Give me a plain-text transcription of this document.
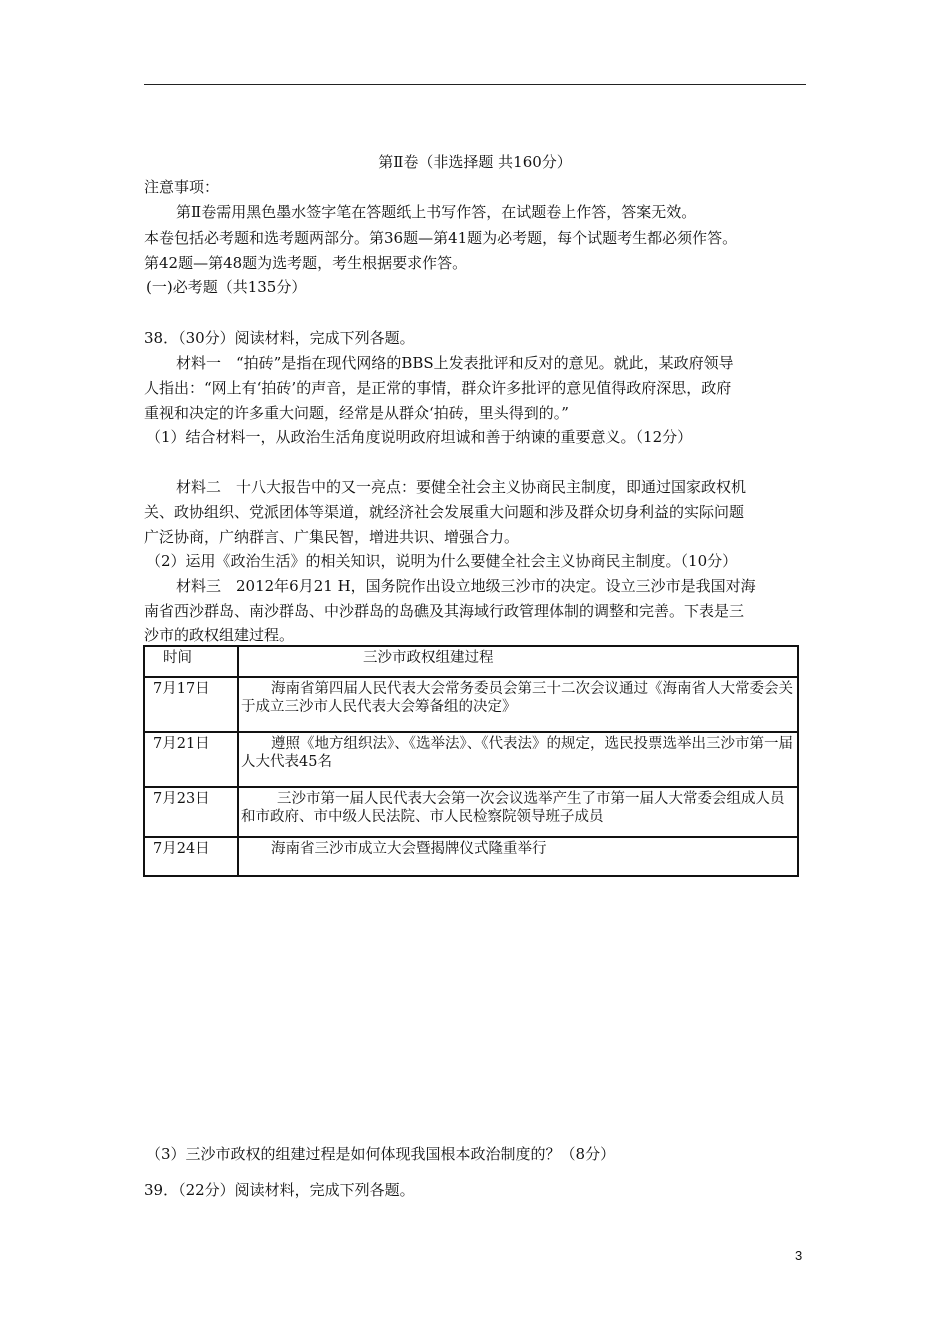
第Ⅱ卷（非选择题 共160分）
注意事项：
第Ⅱ卷需用黑色墨水签字笔在答题纸上书写作答，在试题卷上作答，答案无效。
本卷包括必考题和选考题两部分。第36题—第41题为必考题，每个试题考生都必须作答。
第42题—第48题为选考题，考生根据要求作答。
(一)必考题（共135分）
38．（30分）阅读材料，完成下列各题。
材料一　“拍砖”是指在现代网络的BBS上发表批评和反对的意见。就此，某政府领导
人指出：“网上有‘拍砖’的声音，是正常的事情，群众许多批评的意见值得政府深思，政府
重视和决定的许多重大问题，经常是从群众‘拍砖，里头得到的。”
（1）结合材料一，从政治生活角度说明政府坦诚和善于纳谏的重要意义。（12分）
材料二　十八大报告中的又一亮点：要健全社会主义协商民主制度，即通过国家政权机
关、政协组织、党派团体等渠道，就经济社会发展重大问题和涉及群众切身利益的实际问题
广泛协商，广纳群言、广集民智，增进共识、增强合力。
（2）运用《政治生活》的相关知识，说明为什么要健全社会主义协商民主制度。（10分）
材料三　2012年6月21 H，国务院作出设立地级三沙市的决定。设立三沙市是我国对海
南省西沙群岛、南沙群岛、中沙群岛的岛礁及其海域行政管理体制的调整和完善。下表是三
沙市的政权组建过程。
时间	三沙市政权组建过程
7月17日	海南省第四届人民代表大会常务委员会第三十二次会议通过《海南省人大常委会关于成立三沙市人民代表大会筹备组的决定》
7月21日	遵照《地方组织法》、《选举法》、《代表法》的规定，选民投票选举出三沙市第一届人大代表45名
7月23日	三沙市第一届人民代表大会第一次会议选举产生了市第一届人大常委会组成人员和市政府、市中级人民法院、市人民检察院领导班子成员
7月24日	海南省三沙市成立大会暨揭牌仪式隆重举行
（3）三沙市政权的组建过程是如何体现我国根本政治制度的？（8分）
39．（22分）阅读材料，完成下列各题。
3
